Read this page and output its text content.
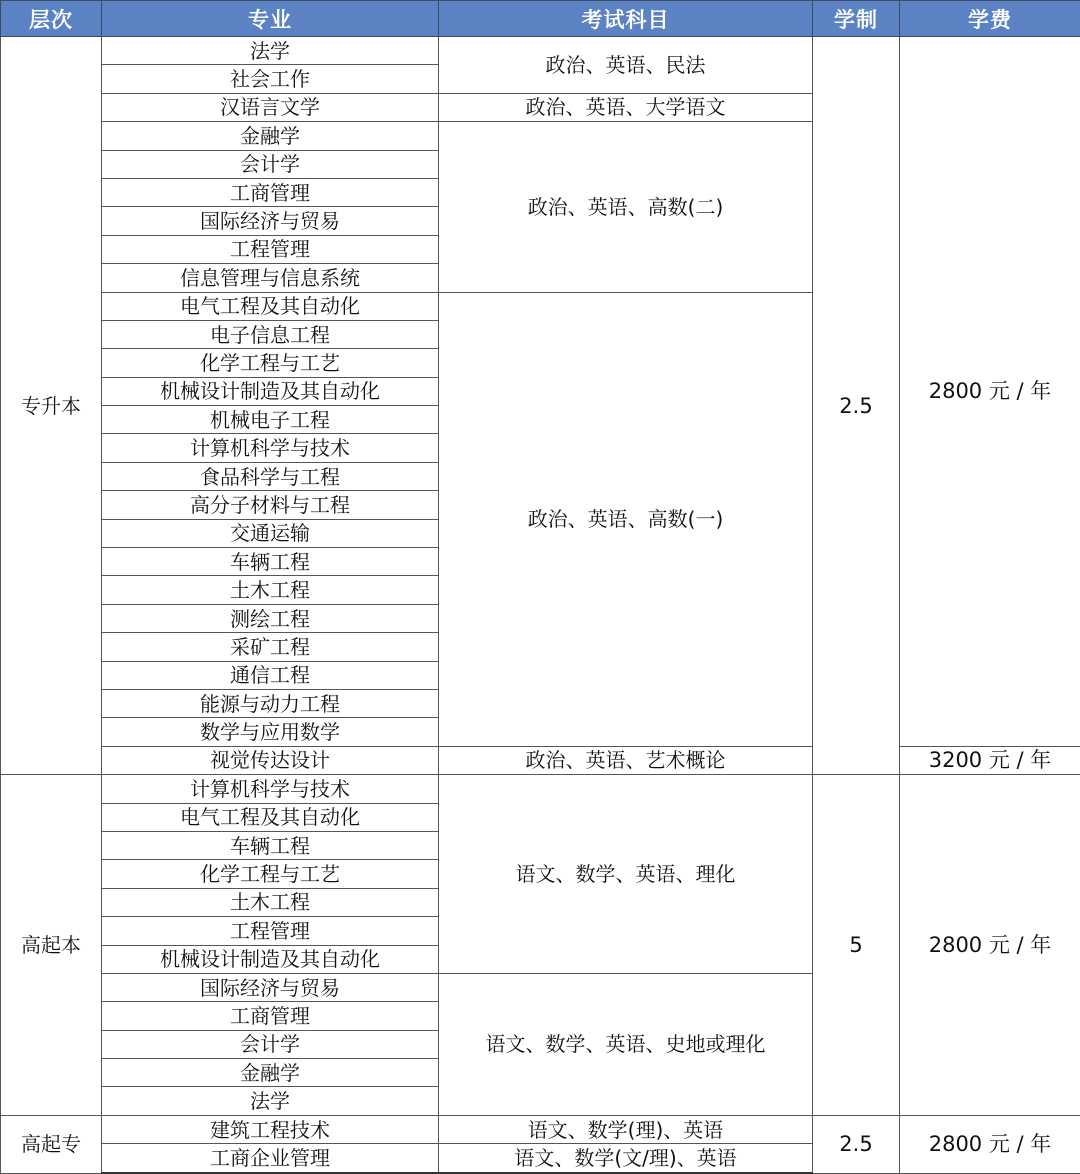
层次	专业	考试科目	学制	学费
专升本	法学	政治、英语、民法	2.5	2800 元 / 年
	社会工作			
	汉语言文学	政治、英语、大学语文		
	金融学	政治、英语、高数(二)		
	会计学			
	工商管理			
	国际经济与贸易			
	工程管理			
	信息管理与信息系统			
	电气工程及其自动化	政治、英语、高数(一)		
	电子信息工程			
	化学工程与工艺			
	机械设计制造及其自动化			
	机械电子工程			
	计算机科学与技术			
	食品科学与工程			
	高分子材料与工程			
	交通运输			
	车辆工程			
	土木工程			
	测绘工程			
	采矿工程			
	通信工程			
	能源与动力工程			
	数学与应用数学			
	视觉传达设计	政治、英语、艺术概论		3200 元 / 年
高起本	计算机科学与技术	语文、数学、英语、理化	5	2800 元 / 年
	电气工程及其自动化			
	车辆工程			
	化学工程与工艺			
	土木工程			
	工程管理			
	机械设计制造及其自动化			
	国际经济与贸易	语文、数学、英语、史地或理化		
	工商管理			
	会计学			
	金融学			
	法学			
高起专	建筑工程技术	语文、数学(理)、英语	2.5	2800 元 / 年
	工商企业管理	语文、数学(文/理)、英语		
